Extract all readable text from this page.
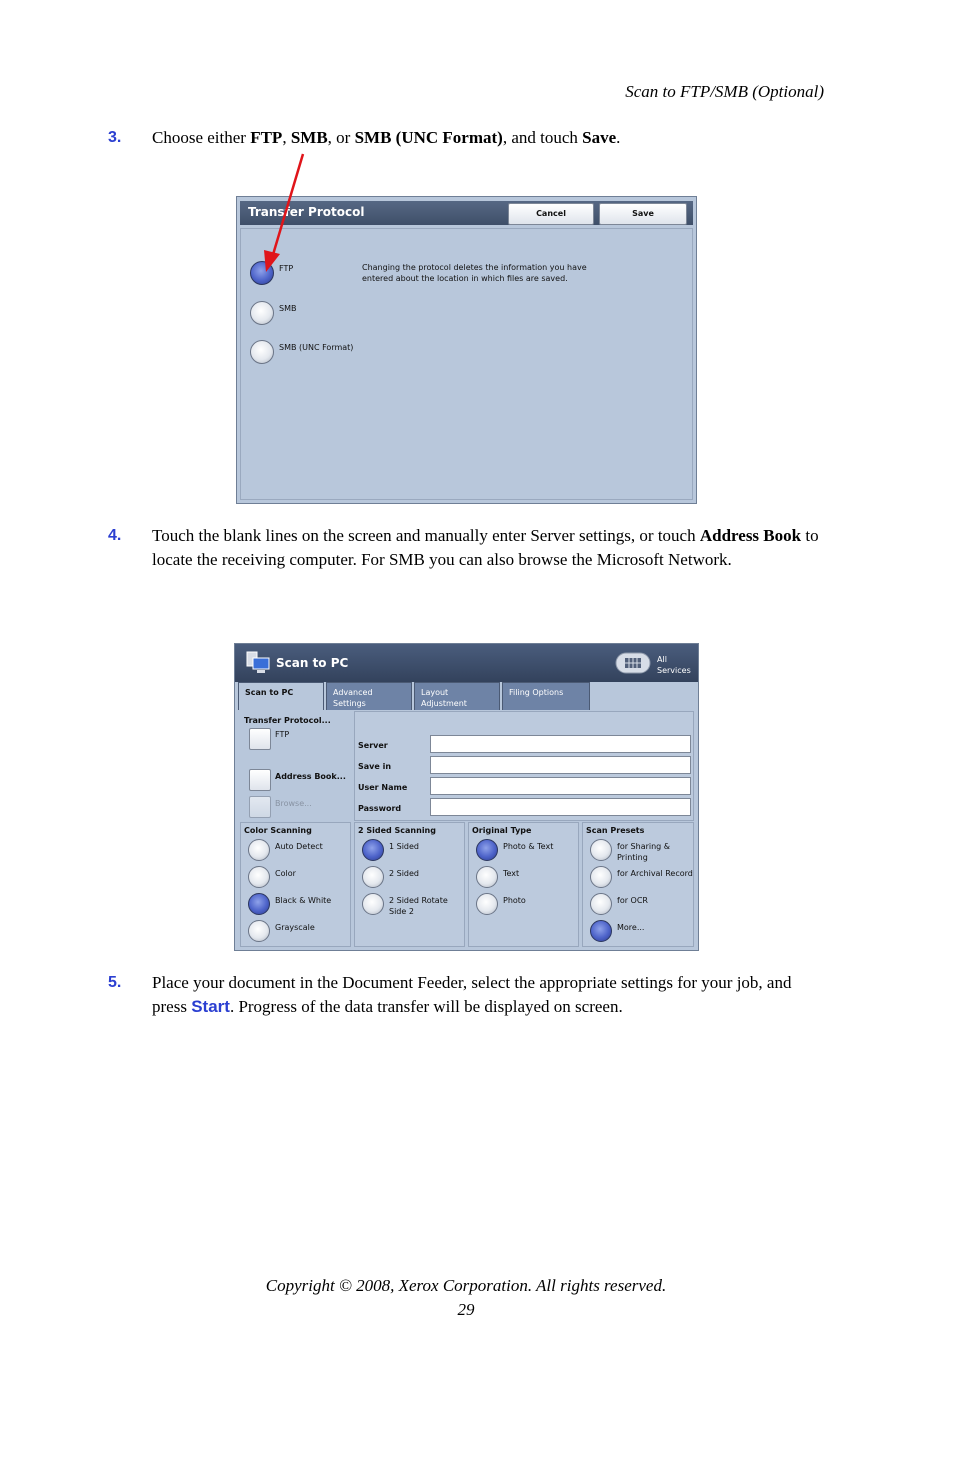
Scan to FTP/SMB (Optional)
3. Choose either FTP, SMB, or SMB (UNC Format), and touch Save.
Transfer Protocol	Cancel	Save
FTP
SMB
SMB (UNC Format)
Changing the protocol deletes the information you have entered about the location in which files are saved.
4. Touch the blank lines on the screen and manually enter Server settings, or touch Address Book to locate the receiving computer. For SMB you can also browse the Microsoft Network.
Scan to PC	All Services
Scan to PC	Advanced Settings
Layout Adjustment
Filing Options
Transfer Protocol...
FTP
Address Book...
Browse...
Server
Save in
User Name
Password
Color Scanning
Auto Detect
Color
Black & White
Grayscale
2 Sided Scanning
1 Sided
2 Sided
2 Sided Rotate Side 2
Original Type
Photo & Text
Text
Photo
Scan Presets
for Sharing & Printing
for Archival Record
for OCR
More...
5. Place your document in the Document Feeder, select the appropriate settings for your job, and press Start. Progress of the data transfer will be displayed on screen.
Copyright © 2008, Xerox Corporation. All rights reserved.
29
